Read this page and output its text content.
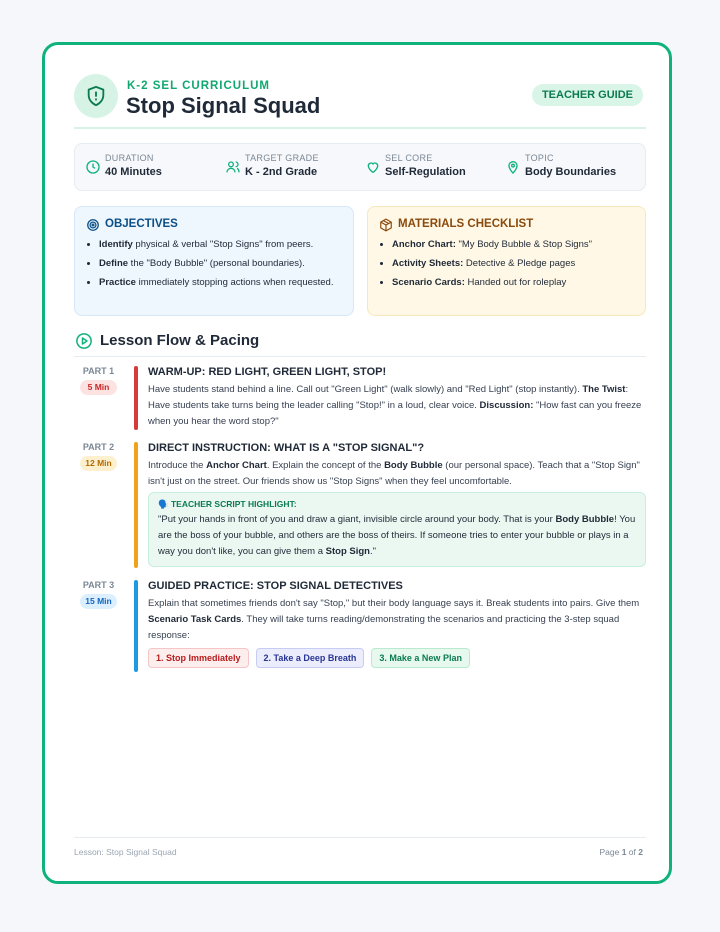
K-2 SEL CURRICULUM
Stop Signal Squad	TEACHER GUIDE
DURATION
40 Minutes
TARGET GRADE
K - 2nd Grade
SEL CORE
Self-Regulation
TOPIC
Body Boundaries
OBJECTIVES
• Identify physical & verbal "Stop Signs" from peers.
• Define the "Body Bubble" (personal boundaries).
• Practice immediately stopping actions when requested.
MATERIALS CHECKLIST
• Anchor Chart: "My Body Bubble & Stop Signs"
• Activity Sheets: Detective & Pledge pages
• Scenario Cards: Handed out for roleplay
Lesson Flow & Pacing
PART 1
5 Min
WARM-UP: RED LIGHT, GREEN LIGHT, STOP!

Have students stand behind a line. Call out "Green Light" (walk slowly) and "Red Light" (stop instantly). The Twist: Have students take turns being the leader calling "Stop!" in a loud, clear voice. Discussion: "How fast can you freeze when you hear the word stop?"

PART 2
12 Min
DIRECT INSTRUCTION: WHAT IS A "STOP SIGNAL"?

Introduce the Anchor Chart. Explain the concept of the Body Bubble (our personal space). Teach that a "Stop Sign" isn't just on the street. Our friends show us "Stop Signs" when they feel uncomfortable.

🗣️ TEACHER SCRIPT HIGHLIGHT:
"Put your hands in front of you and draw a giant, invisible circle around your body. That is your Body Bubble! You are the boss of your bubble, and others are the boss of theirs. If someone tries to enter your bubble or plays in a way you don't like, you can give them a Stop Sign."
PART 3
15 Min
GUIDED PRACTICE: STOP SIGNAL DETECTIVES

Explain that sometimes friends don't say "Stop," but their body language says it. Break students into pairs. Give them Scenario Task Cards. They will take turns reading/demonstrating the scenarios and practicing the 3-step squad response:

1. Stop Immediately	2. Take a Deep Breath	3. Make a New Plan
Lesson: Stop Signal Squad	Page 1 of 2
